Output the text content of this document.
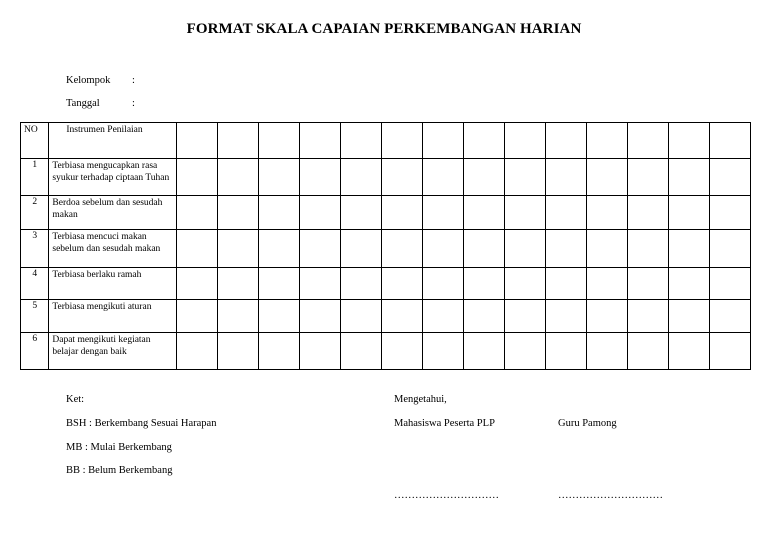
FORMAT SKALA CAPAIAN PERKEMBANGAN HARIAN
Kelompok :
Tanggal	:
NO	Instrumen Penilaian														
1	Terbiasa mengucapkan rasa syukur terhadap ciptaan Tuhan														
2	Berdoa sebelum dan sesudah makan														
3	Terbiasa mencuci makan sebelum dan sesudah makan														
4	Terbiasa berlaku ramah														
5	Terbiasa mengikuti aturan														
6	Dapat mengikuti kegiatan belajar dengan baik														
Ket:
BSH : Berkembang Sesuai Harapan
MB : Mulai Berkembang
BB : Belum Berkembang
Mengetahui,
Mahasiswa Peserta PLP	Guru Pamong
…………………………	…………………………
